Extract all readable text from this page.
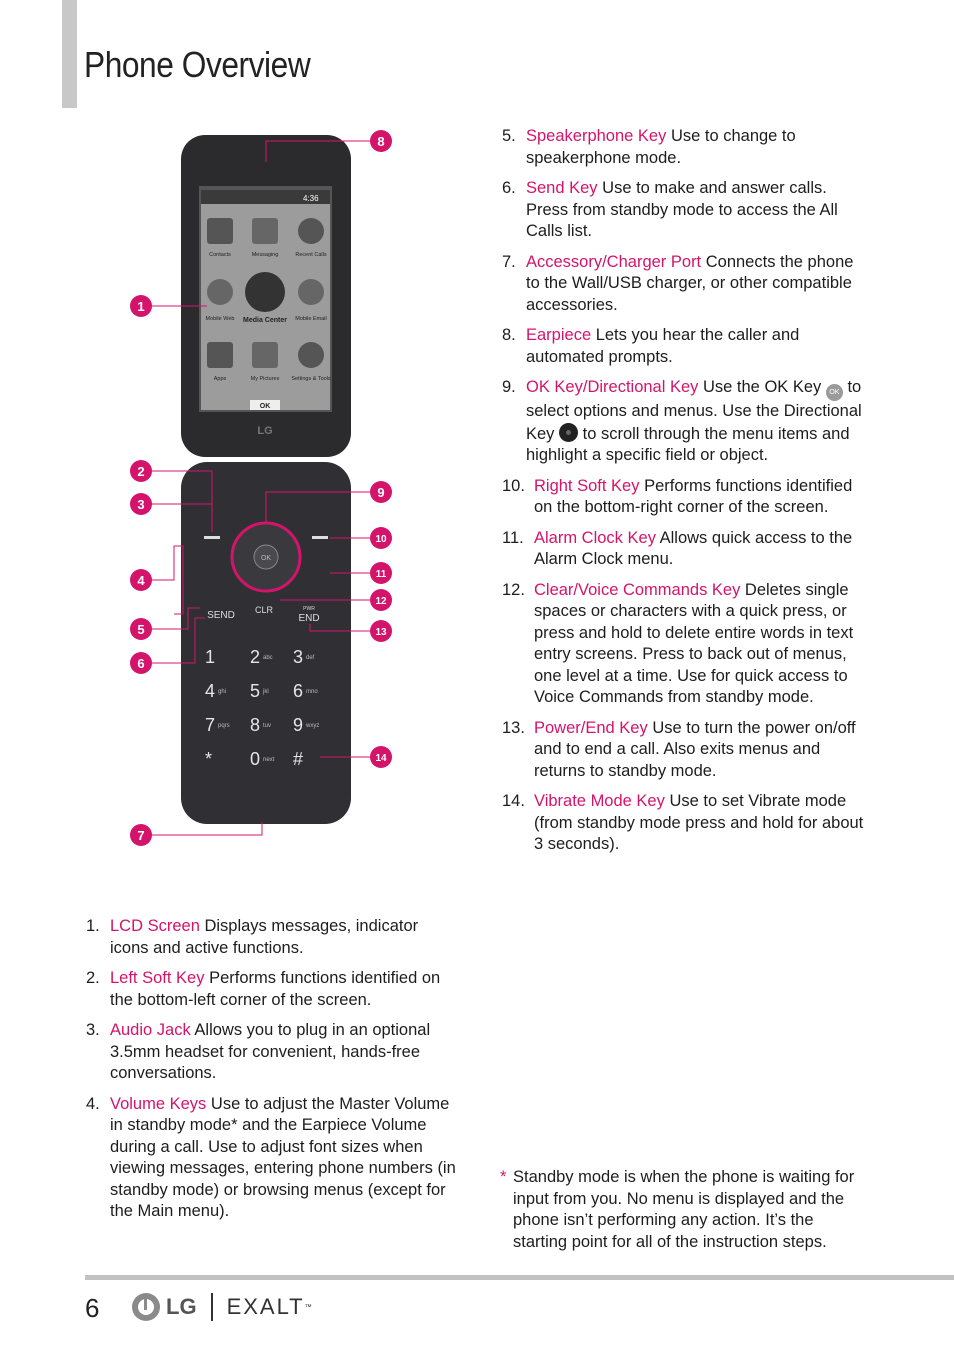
Phone Overview
4:36
Contacts	Messaging	Recent Calls
Mobile Web Media Center Mobile Email
Apps	My Pictures Settings & Tools
OK
LG
OK
SEND CLR	PWR
END
1 2 3
4 5 6
7 8 9
* 0 #
abc	def
ghi	jkl	mno
pqrs	tuv	wxyz
next
1
2
3
4
5
6
7
8
9
10
11
12
13
14
5. Speakerphone Key Use to change to speakerphone mode.
6. Send Key Use to make and answer calls. Press from standby mode to access the All Calls list.
7. Accessory/Charger Port Connects the phone to the Wall/USB charger, or other compatible accessories.
8. Earpiece Lets you hear the caller and automated prompts.
9. OK Key/Directional Key Use the OK Key OK to select options and menus. Use the Directional Key  to scroll through the menu items and highlight a specific field or object.
10. Right Soft Key Performs functions identified on the bottom-right corner of the screen.
11. Alarm Clock Key Allows quick access to the Alarm Clock menu.
12. Clear/Voice Commands Key Deletes single spaces or characters with a quick press, or press and hold to delete entire words in text entry screens. Press to back out of menus, one level at a time. Use for quick access to Voice Commands from standby mode.
13. Power/End Key Use to turn the power on/off and to end a call. Also exits menus and returns to standby mode.
14. Vibrate Mode Key Use to set Vibrate mode (from standby mode press and hold for about 3 seconds).
1. LCD Screen Displays messages, indicator icons and active functions.
2. Left Soft Key Performs functions identified on the bottom-left corner of the screen.
3. Audio Jack Allows you to plug in an optional 3.5mm headset for convenient, hands-free conversations.
4. Volume Keys Use to adjust the Master Volume in standby mode* and the Earpiece Volume during a call. Use to adjust font sizes when viewing messages, entering phone numbers (in standby mode) or browsing menus (except for the Main menu).
* Standby mode is when the phone is waiting for input from you. No menu is displayed and the phone isn’t performing any action. It’s the starting point for all of the instruction steps.
6	LG EXALT ™
